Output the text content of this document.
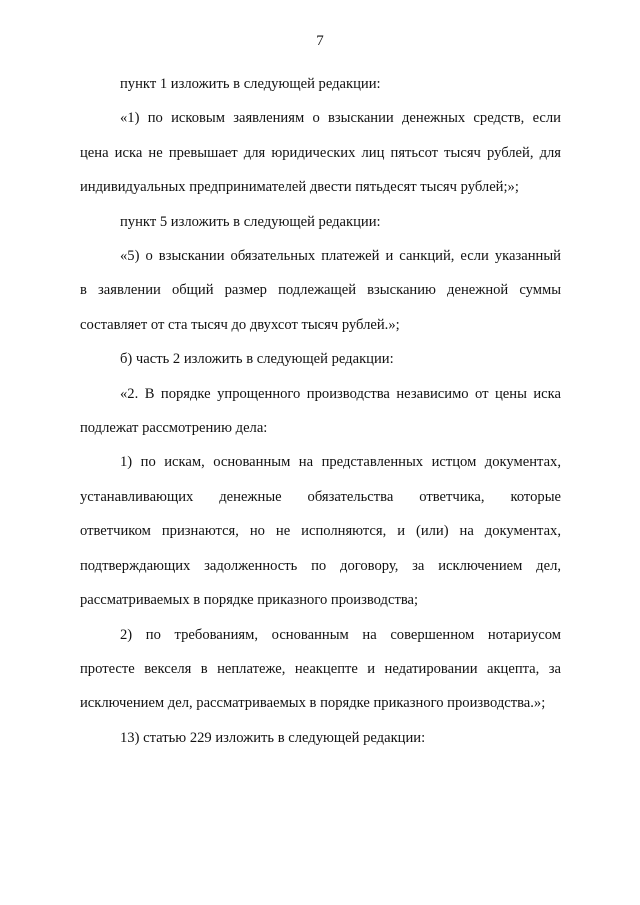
7

пункт 1 изложить в следующей редакции:

«1) по исковым заявлениям о взыскании денежных средств, если
цена иска не превышает для юридических лиц пятьсот тысяч рублей, для
индивидуальных предпринимателей двести пятьдесят тысяч рублей;»;

пункт 5 изложить в следующей редакции:

«5) о взыскании обязательных платежей и санкций, если указанный
в заявлении общий размер подлежащей взысканию денежной суммы
составляет от ста тысяч до двухсот тысяч рублей.»;

б) часть 2 изложить в следующей редакции:

«2. В порядке упрощенного производства независимо от цены иска
подлежат рассмотрению дела:

1) по искам, основанным на представленных истцом документах,
устанавливающих денежные обязательства ответчика, которые
ответчиком признаются, но не исполняются, и (или) на документах,
подтверждающих задолженность по договору, за исключением дел,
рассматриваемых в порядке приказного производства;

2) по требованиям, основанным на совершенном нотариусом
протесте векселя в неплатеже, неакцепте и недатировании акцепта, за
исключением дел, рассматриваемых в порядке приказного производства.»;

13) статью 229 изложить в следующей редакции:
